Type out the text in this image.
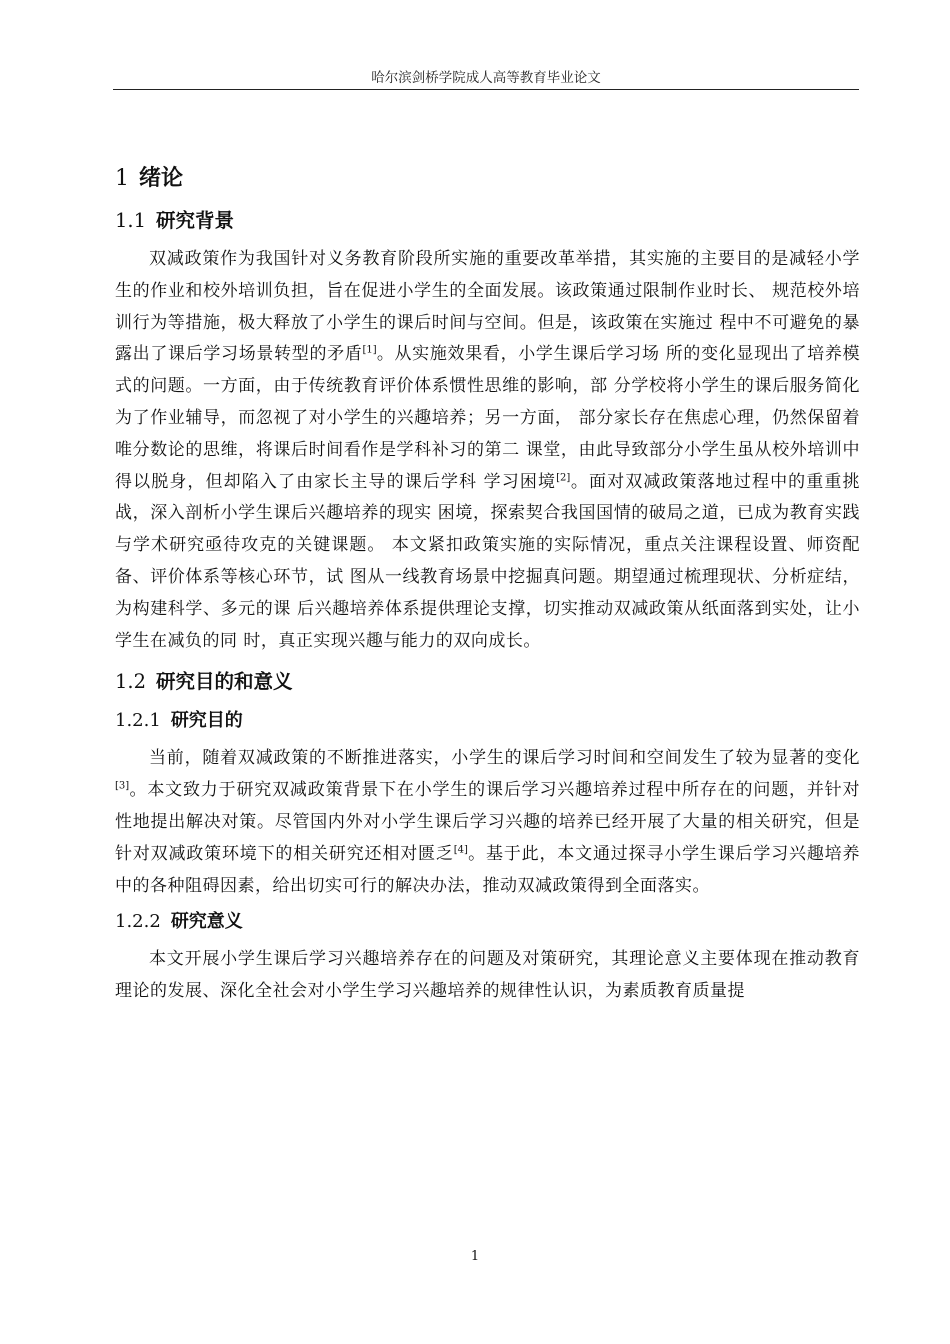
哈尔滨剑桥学院成人高等教育毕业论文
1 绪论
1.1 研究背景

双减政策作为我国针对义务教育阶段所实施的重要改革举措，其实施的主要目的是减轻小学生的作业和校外培训负担，旨在促进小学生的全面发展。该政策通过限制作业时长、 规范校外培训行为等措施，极大释放了小学生的课后时间与空间。但是，该政策在实施过 程中不可避免的暴露出了课后学习场景转型的矛盾[1]。从实施效果看，小学生课后学习场 所的变化显现出了培养模式的问题。一方面，由于传统教育评价体系惯性思维的影响，部 分学校将小学生的课后服务简化为了作业辅导，而忽视了对小学生的兴趣培养；另一方面， 部分家长存在焦虑心理，仍然保留着唯分数论的思维，将课后时间看作是学科补习的第二 课堂，由此导致部分小学生虽从校外培训中得以脱身，但却陷入了由家长主导的课后学科 学习困境[2]。面对双减政策落地过程中的重重挑战，深入剖析小学生课后兴趣培养的现实 困境，探索契合我国国情的破局之道，已成为教育实践与学术研究亟待攻克的关键课题。 本文紧扣政策实施的实际情况，重点关注课程设置、师资配备、评价体系等核心环节，试 图从一线教育场景中挖掘真问题。期望通过梳理现状、分析症结，为构建科学、多元的课 后兴趣培养体系提供理论支撑，切实推动双减政策从纸面落到实处，让小学生在减负的同 时，真正实现兴趣与能力的双向成长。

1.2 研究目的和意义
1.2.1 研究目的

当前，随着双减政策的不断推进落实，小学生的课后学习时间和空间发生了较为显著的变化[3]。本文致力于研究双减政策背景下在小学生的课后学习兴趣培养过程中所存在的问题，并针对性地提出解决对策。尽管国内外对小学生课后学习兴趣的培养已经开展了大量的相关研究，但是针对双减政策环境下的相关研究还相对匮乏[4]。基于此，本文通过探寻小学生课后学习兴趣培养中的各种阻碍因素，给出切实可行的解决办法，推动双减政策得到全面落实。

1.2.2 研究意义

本文开展小学生课后学习兴趣培养存在的问题及对策研究，其理论意义主要体现在推动教育理论的发展、深化全社会对小学生学习兴趣培养的规律性认识，为素质教育质量提

1
